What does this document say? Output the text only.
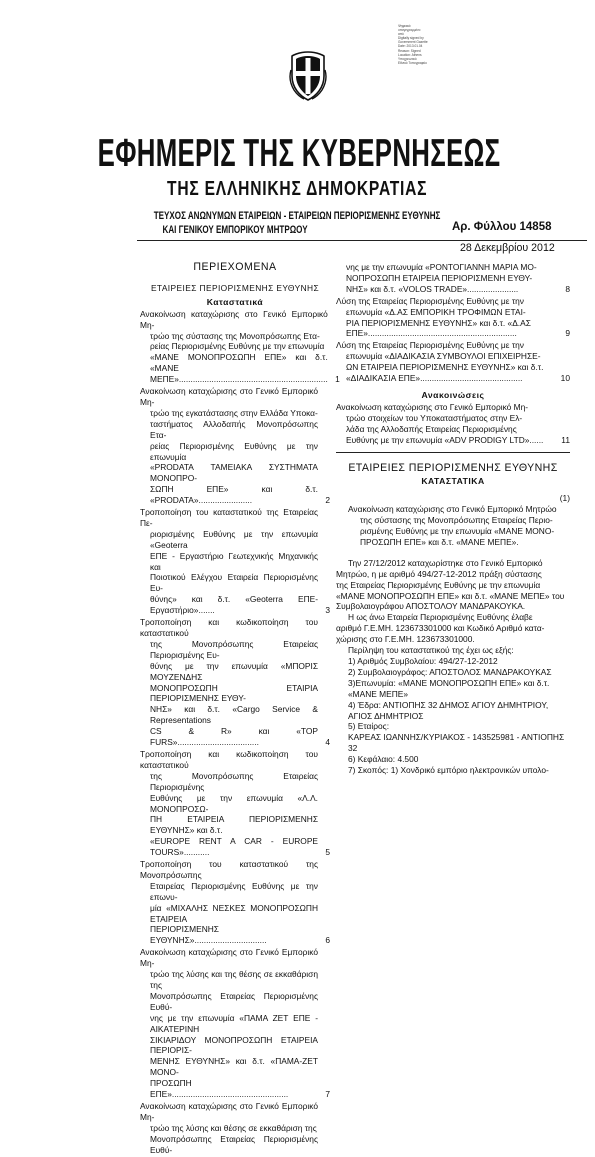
Ψηφιακά
υπογεγραμμένο
από
Digitally signed by
Government Gazette
Date: 2013.01.04
Reason: Signed
Location: Athens
Υποχρεωτικό
Εθνικό Τυπογραφείο
ΕΦΗΜΕΡΙΣ ΤΗΣ ΚΥΒΕΡΝΗΣΕΩΣ
ΤΗΣ ΕΛΛΗΝΙΚΗΣ ΔΗΜΟΚΡΑΤΙΑΣ
ΤΕΥΧΟΣ ΑΝΩΝΥΜΩΝ ΕΤΑΙΡΕΙΩΝ - ΕΤΑΙΡΕΙΩΝ ΠΕΡΙΟΡΙΣΜΕΝΗΣ ΕΥΘΥΝΗΣ
ΚΑΙ ΓΕΝΙΚΟΥ ΕΜΠΟΡΙΚΟΥ ΜΗΤΡΩΟΥ	Αρ. Φύλλου 14858
28 Δεκεμβρίου 2012

ΠΕΡΙΕΧΟΜΕΝΑ

ΕΤΑΙΡΕΙΕΣ ΠΕΡΙΟΡΙΣΜΕΝΗΣ ΕΥΘΥΝΗΣ

Καταστατικά

Ανακοίνωση καταχώρισης στο Γενικό Εμπορικό Μη-
τρώο της σύστασης της Μονοπρόσωπης Ετα-
ρείας Περιορισμένης Ευθύνης με την επωνυμία
«ΜΑΝΕ ΜΟΝΟΠΡΟΣΩΠΗ ΕΠΕ» και δ.τ. «ΜΑΝΕ
ΜΕΠΕ»................................................................ 1
Ανακοίνωση καταχώρισης στο Γενικό Εμπορικό Μη-
τρώο της εγκατάστασης στην Ελλάδα Υποκα-
ταστήματος Αλλοδαπής Μονοπρόσωπης Ετα-
ρείας Περιορισμένης Ευθύνης με την επωνυμία
«PRODATA ΤΑΜΕΙΑΚΑ ΣΥΣΤΗΜΑΤΑ ΜΟΝΟΠΡΟ-
ΣΩΠΗ ΕΠΕ» και δ.τ. «PRODATA».......................	2
Τροποποίηση του καταστατικού της Εταιρείας Πε-
ριορισμένης Ευθύνης με την επωνυμία «Geoterra
ΕΠΕ - Εργαστήριο Γεωτεχνικής Μηχανικής και
Ποιοτικού Ελέγχου Εταιρεία Περιορισμένης Ευ-
θύνης» και δ.τ. «Geoterra ΕΠΕ-Εργαστήριο».......	3
Τροποποίηση και κωδικοποίηση του καταστατικού
της Μονοπρόσωπης Εταιρείας Περιορισμένης Ευ-
θύνης με την επωνυμία «ΜΠΟΡΙΣ ΜΟΥΖΕΝΔΗΣ
ΜΟΝΟΠΡΟΣΩΠΗ ΕΤΑΙΡΙΑ ΠΕΡΙΟΡΙΣΜΕΝΗΣ ΕΥΘΥ-
ΝΗΣ» και δ.τ. «Cargo Service & Representations
CS & R» και «TOP FURS»...................................	4
Τροποποίηση και κωδικοποίηση του καταστατικού
της Μονοπρόσωπης Εταιρείας Περιορισμένης
Ευθύνης με την επωνυμία «Λ.Λ. ΜΟΝΟΠΡΟΣΩ-
ΠΗ ΕΤΑΙΡΕΙΑ ΠΕΡΙΟΡΙΣΜΕΝΗΣ ΕΥΘΥΝΗΣ» και δ.τ.
«EUROPE RENT A CAR - EUROPE TOURS»...........	5
Τροποποίηση του καταστατικού της Μονοπρόσωπης
Εταιρείας Περιορισμένης Ευθύνης με την επωνυ-
μία «ΜΙΧΑΛΗΣ ΝΕΣΚΕΣ ΜΟΝΟΠΡΟΣΩΠΗ ΕΤΑΙΡΕΙΑ
ΠΕΡΙΟΡΙΣΜΕΝΗΣ ΕΥΘΥΝΗΣ»...............................	6
Ανακοίνωση καταχώρισης στο Γενικό Εμπορικό Μη-
τρώο της λύσης και της θέσης σε εκκαθάριση της
Μονοπρόσωπης Εταιρείας Περιορισμένης Ευθύ-
νης με την επωνυμία «ΠΑΜΑ ΖΕΤ ΕΠΕ - ΑΙΚΑΤΕΡΙΝΗ
ΣΙΚΙΑΡΙΔΟΥ ΜΟΝΟΠΡΟΣΩΠΗ ΕΤΑΙΡΕΙΑ ΠΕΡΙΟΡΙΣ-
ΜΕΝΗΣ ΕΥΘΥΝΗΣ» και δ.τ. «ΠΑΜΑ-ΖΕΤ ΜΟΝΟ-
ΠΡΟΣΩΠΗ ΕΠΕ»..................................................	7
Ανακοίνωση καταχώρισης στο Γενικό Εμπορικό Μη-
τρώο της λύσης και θέσης σε εκκαθάριση της
Μονοπρόσωπης Εταιρείας Περιορισμένης Ευθύ-
νης με την επωνυμία «ΡΟΝΤΟΓΙΑΝΝΗ ΜΑΡΙΑ ΜΟ-
ΝΟΠΡΟΣΩΠΗ ΕΤΑΙΡΕΙΑ ΠΕΡΙΟΡΙΣΜΕΝΗ ΕΥΘΥ-
ΝΗΣ» και δ.τ. «VOLOS TRADE»......................	8
Λύση της Εταιρείας Περιορισμένης Ευθύνης με την
επωνυμία «Δ.ΑΣ ΕΜΠΟΡΙΚΗ ΤΡΟΦΙΜΩΝ ΕΤΑΙ-
ΡΙΑ ΠΕΡΙΟΡΙΣΜΕΝΗΣ ΕΥΘΥΝΗΣ» και δ.τ. «Δ.ΑΣ
ΕΠΕ»................................................................	9
Λύση της Εταιρείας Περιορισμένης Ευθύνης με την
επωνυμία «ΔΙΑΔΙΚΑΣΙΑ ΣΥΜΒΟΥΛΟΙ ΕΠΙΧΕΙΡΗΣΕ-
ΩΝ ΕΤΑΙΡΕΙΑ ΠΕΡΙΟΡΙΣΜΕΝΗΣ ΕΥΘΥΝΗΣ» και δ.τ.
«ΔΙΑΔΙΚΑΣΙΑ ΕΠΕ»............................................	10

Ανακοινώσεις

Ανακοίνωση καταχώρισης στο Γενικό Εμπορικό Μη-
τρώο στοιχείων του Υποκαταστήματος στην Ελ-
λάδα της Αλλοδαπής Εταιρείας Περιορισμένης
Ευθύνης με την επωνυμία «ADV PRODIGY LTD»......	11

ΕΤΑΙΡΕΙΕΣ ΠΕΡΙΟΡΙΣΜΕΝΗΣ ΕΥΘΥΝΗΣ

ΚΑΤΑΣΤΑΤΙΚΑ

(1)

Ανακοίνωση καταχώρισης στο Γενικό Εμπορικό Μητρώο
της σύστασης της Μονοπρόσωπης Εταιρείας Περιο-
ρισμένης Ευθύνης με την επωνυμία «ΜΑΝΕ ΜΟΝΟ-
ΠΡΟΣΩΠΗ ΕΠΕ» και δ.τ. «ΜΑΝΕ ΜΕΠΕ».
Την 27/12/2012 καταχωρίστηκε στο Γενικό Εμπορικό
Μητρώο, η με αριθμό 494/27-12-2012 πράξη σύστασης
της Εταιρείας Περιορισμένης Ευθύνης με την επωνυμία
«ΜΑΝΕ ΜΟΝΟΠΡΟΣΩΠΗ ΕΠΕ» και δ.τ. «ΜΑΝΕ ΜΕΠΕ» του
Συμβολαιογράφου ΑΠΟΣΤΟΛΟΥ ΜΑΝΔΡΑΚΟΥΚΑ.
Η ως άνω Εταιρεία Περιορισμένης Ευθύνης έλαβε
αριθμό Γ.Ε.ΜΗ. 123673301000 και Κωδικό Αριθμό κατα-
χώρισης στο Γ.Ε.ΜΗ. 123673301000.
Περίληψη του καταστατικού της έχει ως εξής:
1) Αριθμός Συμβολαίου: 494/27-12-2012
2) Συμβολαιογράφος: ΑΠΟΣΤΟΛΟΣ ΜΑΝΔΡΑΚΟΥΚΑΣ
3)Επωνυμία: «ΜΑΝΕ ΜΟΝΟΠΡΟΣΩΠΗ ΕΠΕ» και δ.τ.
«ΜΑΝΕ ΜΕΠΕ»
4) Έδρα: ΑΝΤΙΟΠΗΣ 32 ΔΗΜΟΣ ΑΓΙΟΥ ΔΗΜΗΤΡΙΟΥ,
ΑΓΙΟΣ ΔΗΜΗΤΡΙΟΣ
5) Εταίρος:
ΚΑΡΕΑΣ ΙΩΑΝΝΗΣ/ΚΥΡΙΑΚΟΣ - 143525981 - ΑΝΤΙΟΠΗΣ 32
6) Κεφάλαιο: 4.500
7) Σκοπός: 1) Χονδρικό εμπόριο ηλεκτρονικών υπολο-
